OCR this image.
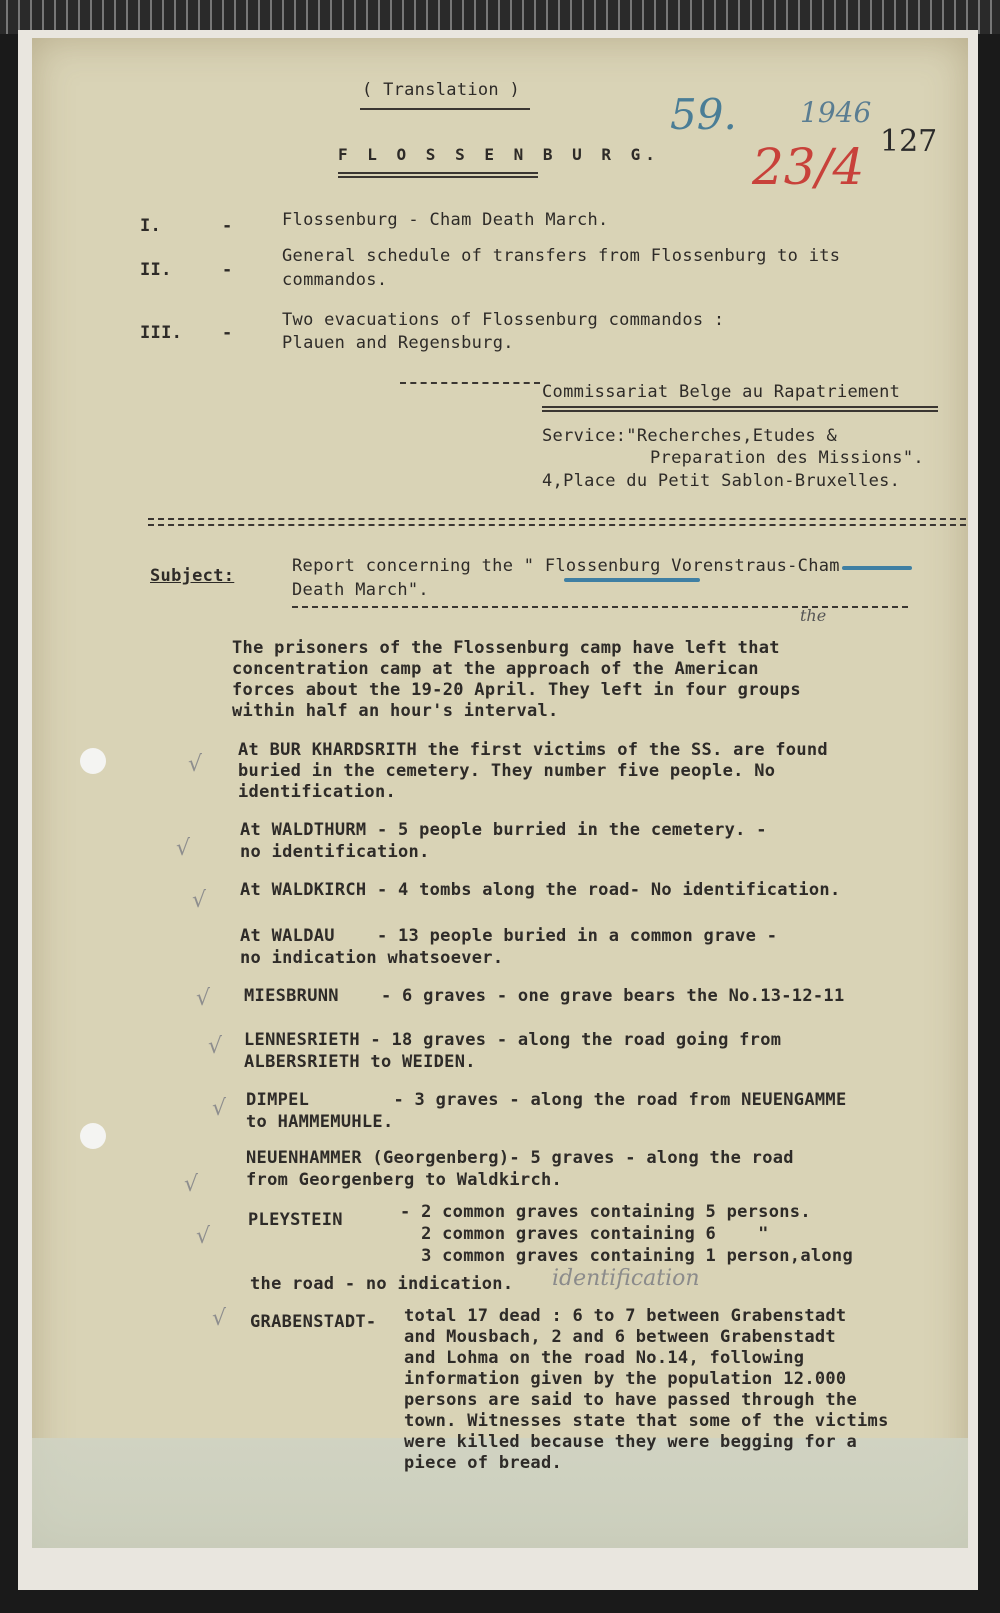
( Translation )
F L O S S E N B U R G.
59. 1946
127
23/4
I.	-	Flossenburg - Cham Death March.
II.	-
General schedule of transfers from Flossenburg to its
commandos.
III. -
Two evacuations of Flossenburg commandos :
Plauen and Regensburg.
Commissariat Belge au Rapatriement
Service:"Recherches,Etudes &
Preparation des Missions".
4,Place du Petit Sablon-Bruxelles.
Subject:	Report concerning the " Flossenburg Vorenstraus-Cham
Death March".
the
The prisoners of the Flossenburg camp have left that
concentration camp at the approach of the American
forces about the 19-20 April. They left in four groups
within half an hour's interval.
√
At BUR KHARDSRITH the first victims of the SS. are found
buried in the cemetery. They number five people. No
identification.
√
At WALDTHURM - 5 people burried in the cemetery. -
no identification.
√ At WALDKIRCH - 4 tombs along the road- No identification.
At WALDAU    - 13 people buried in a common grave -
no indication whatsoever.
√ MIESBRUNN    - 6 graves - one grave bears the No.13-12-11
√ LENNESRIETH - 18 graves - along the road going from
ALBERSRIETH to WEIDEN.
√ DIMPEL        - 3 graves - along the road from NEUENGAMME
to HAMMEMUHLE.
√
NEUENHAMMER (Georgenberg)- 5 graves - along the road
from Georgenberg to Waldkirch.
√
PLEYSTEIN	- 2 common graves containing 5 persons.
2 common graves containing 6    "
3 common graves containing 1 person,along
the road - no indication. identification
√ GRABENSTADT- total 17 dead : 6 to 7 between Grabenstadt
and Mousbach, 2 and 6 between Grabenstadt
and Lohma on the road No.14, following
information given by the population 12.000
persons are said to have passed through the
town. Witnesses state that some of the victims
were killed because they were begging for a
piece of bread.
